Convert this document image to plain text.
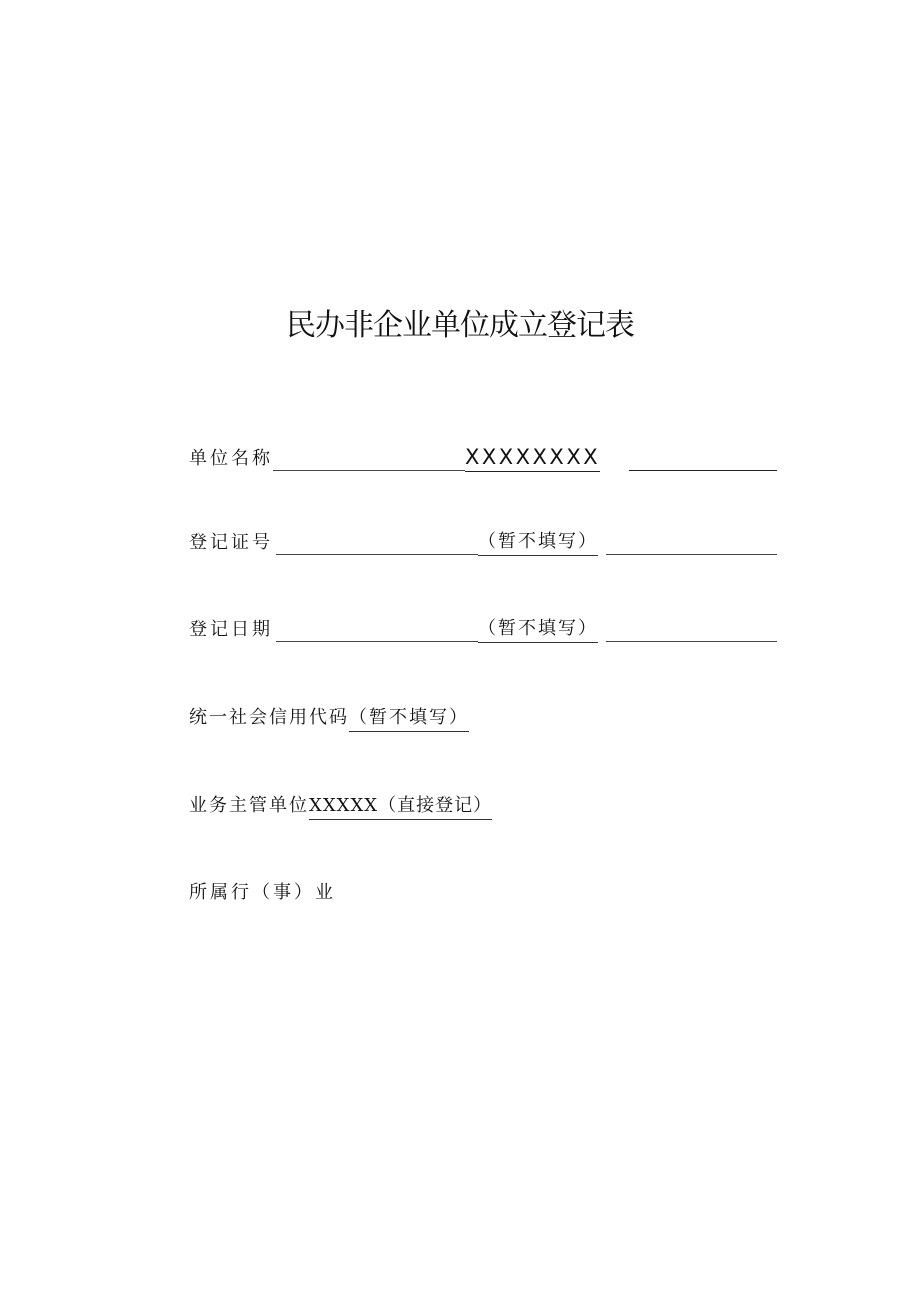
民办非企业单位成立登记表
单位名称	XXXXXXXX
登记证号	（暂不填写）
登记日期	（暂不填写）
统一社会信用代码（暂不填写）
业务主管单位XXXXX（直接登记）
所属行（事）业
